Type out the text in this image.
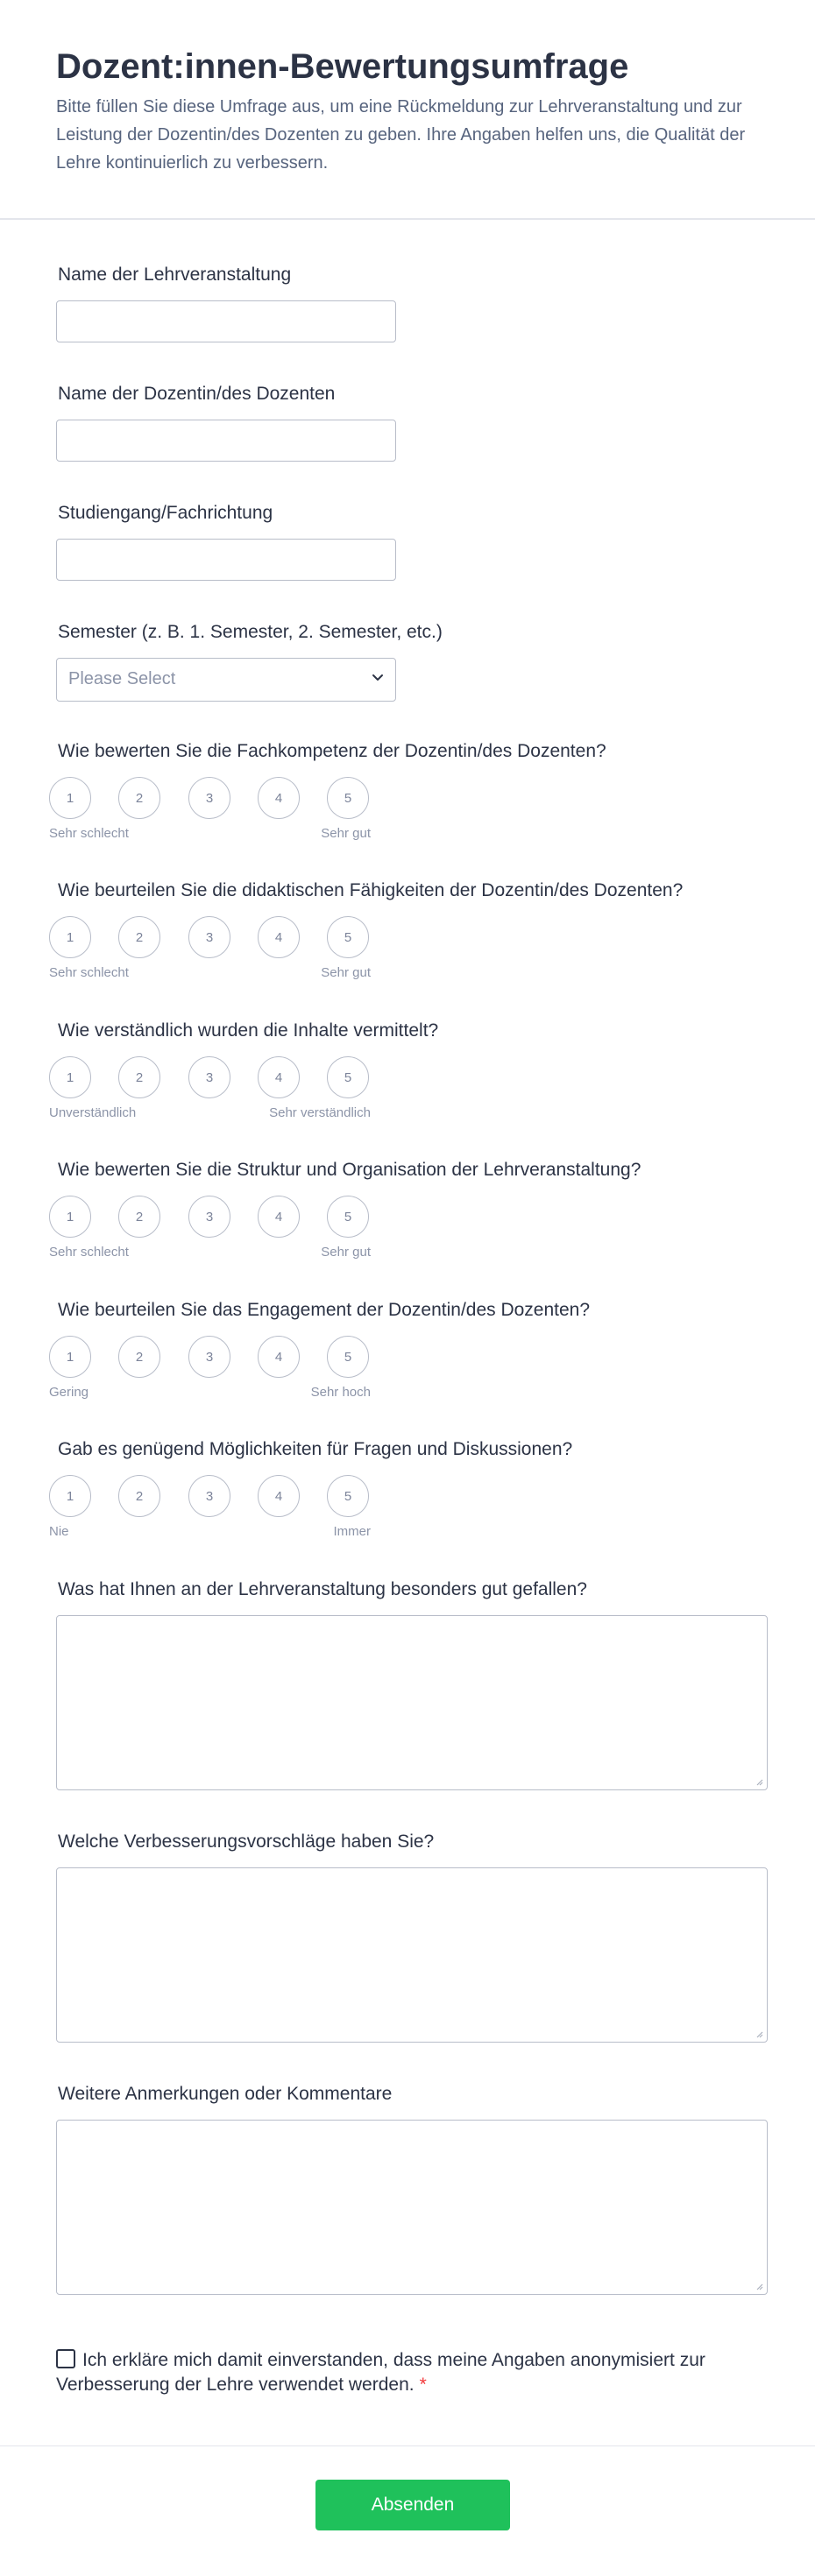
Dozent:innen-Bewertungsumfrage
Bitte füllen Sie diese Umfrage aus, um eine Rückmeldung zur Lehrveranstaltung und zur Leistung der Dozentin/des Dozenten zu geben. Ihre Angaben helfen uns, die Qualität der Lehre kontinuierlich zu verbessern.
Name der Lehrveranstaltung
Name der Dozentin/des Dozenten
Studiengang/Fachrichtung
Semester (z. B. 1. Semester, 2. Semester, etc.)
Please Select
Wie bewerten Sie die Fachkompetenz der Dozentin/des Dozenten?
1	2	3	4	5
Sehr schlecht	Sehr gut
Wie beurteilen Sie die didaktischen Fähigkeiten der Dozentin/des Dozenten?
1	2	3	4	5
Sehr schlecht	Sehr gut
Wie verständlich wurden die Inhalte vermittelt?
1	2	3	4	5
Unverständlich	Sehr verständlich
Wie bewerten Sie die Struktur und Organisation der Lehrveranstaltung?
1	2	3	4	5
Sehr schlecht	Sehr gut
Wie beurteilen Sie das Engagement der Dozentin/des Dozenten?
1	2	3	4	5
Gering	Sehr hoch
Gab es genügend Möglichkeiten für Fragen und Diskussionen?
1	2	3	4	5
Nie	Immer
Was hat Ihnen an der Lehrveranstaltung besonders gut gefallen?
Welche Verbesserungsvorschläge haben Sie?
Weitere Anmerkungen oder Kommentare
Ich erkläre mich damit einverstanden, dass meine Angaben anonymisiert zur Verbesserung der Lehre verwendet werden. *
Absenden
